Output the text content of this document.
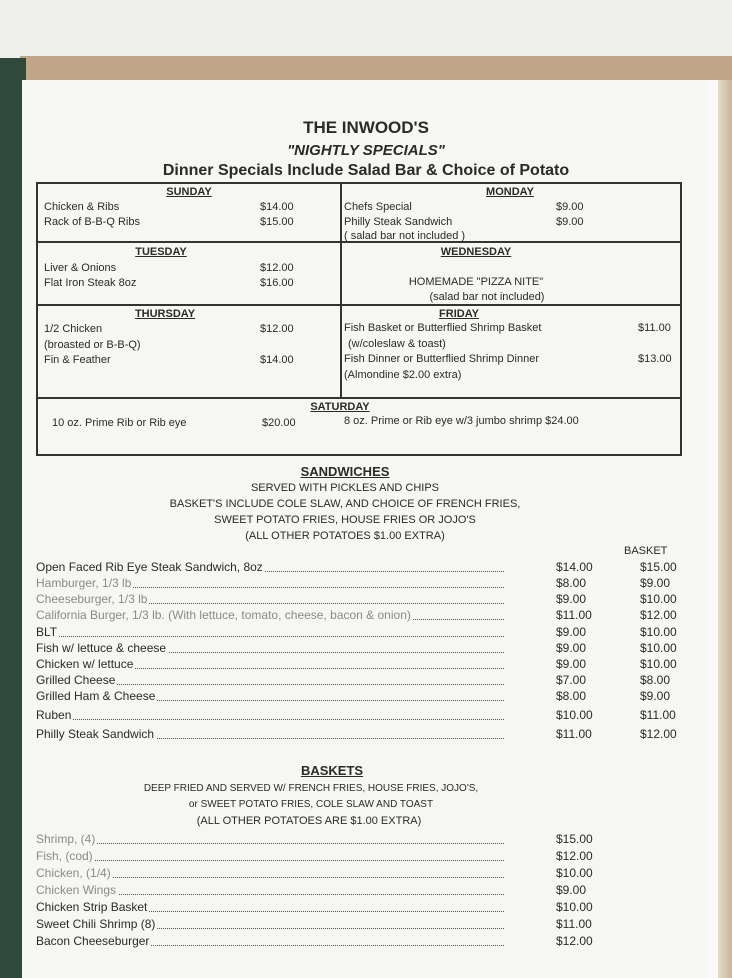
THE INWOOD'S
"NIGHTLY SPECIALS"
Dinner Specials Include Salad Bar & Choice of Potato
SUNDAY
Chicken & Ribs	$14.00
Rack of B-B-Q Ribs	$15.00
MONDAY
Chefs Special	$9.00
Philly Steak Sandwich	$9.00
( salad bar not included )
TUESDAY
Liver & Onions	$12.00
Flat Iron Steak 8oz	$16.00
WEDNESDAY
HOMEMADE "PIZZA NITE"
(salad bar not included)
THURSDAY
1/2 Chicken	$12.00
(broasted or B-B-Q)
Fin & Feather	$14.00
FRIDAY
Fish Basket or Butterflied Shrimp Basket	$11.00
(w/coleslaw & toast)
Fish Dinner or Butterflied Shrimp Dinner	$13.00
(Almondine $2.00 extra)
SATURDAY
10 oz. Prime Rib or Rib eye	$20.00	8 oz. Prime or Rib eye w/3 jumbo shrimp $24.00
SANDWICHES
SERVED WITH PICKLES AND CHIPS
BASKET'S INCLUDE COLE SLAW, AND CHOICE OF FRENCH FRIES,
SWEET POTATO FRIES, HOUSE FRIES OR JOJO'S
(ALL OTHER POTATOES $1.00 EXTRA)
BASKET
Open Faced Rib Eye Steak Sandwich, 8oz	$14.00	$15.00
Hamburger, 1/3 lb	$8.00	$9.00
Cheeseburger, 1/3 lb	$9.00	$10.00
California Burger, 1/3 lb. (With lettuce, tomato, cheese, bacon & onion)	$11.00	$12.00
BLT	$9.00	$10.00
Fish w/ lettuce & cheese	$9.00	$10.00
Chicken w/ lettuce	$9.00	$10.00
Grilled Cheese	$7.00	$8.00
Grilled Ham & Cheese	$8.00	$9.00
Ruben	$10.00	$11.00
Philly Steak Sandwich	$11.00	$12.00
BASKETS
DEEP FRIED AND SERVED W/ FRENCH FRIES, HOUSE FRIES, JOJO'S,
or SWEET POTATO FRIES, COLE SLAW AND TOAST
(ALL OTHER POTATOES ARE $1.00 EXTRA)
Shrimp, (4)	$15.00
Fish, (cod)	$12.00
Chicken, (1/4)	$10.00
Chicken Wings	$9.00
Chicken Strip Basket	$10.00
Sweet Chili Shrimp (8)	$11.00
Bacon Cheeseburger	$12.00
